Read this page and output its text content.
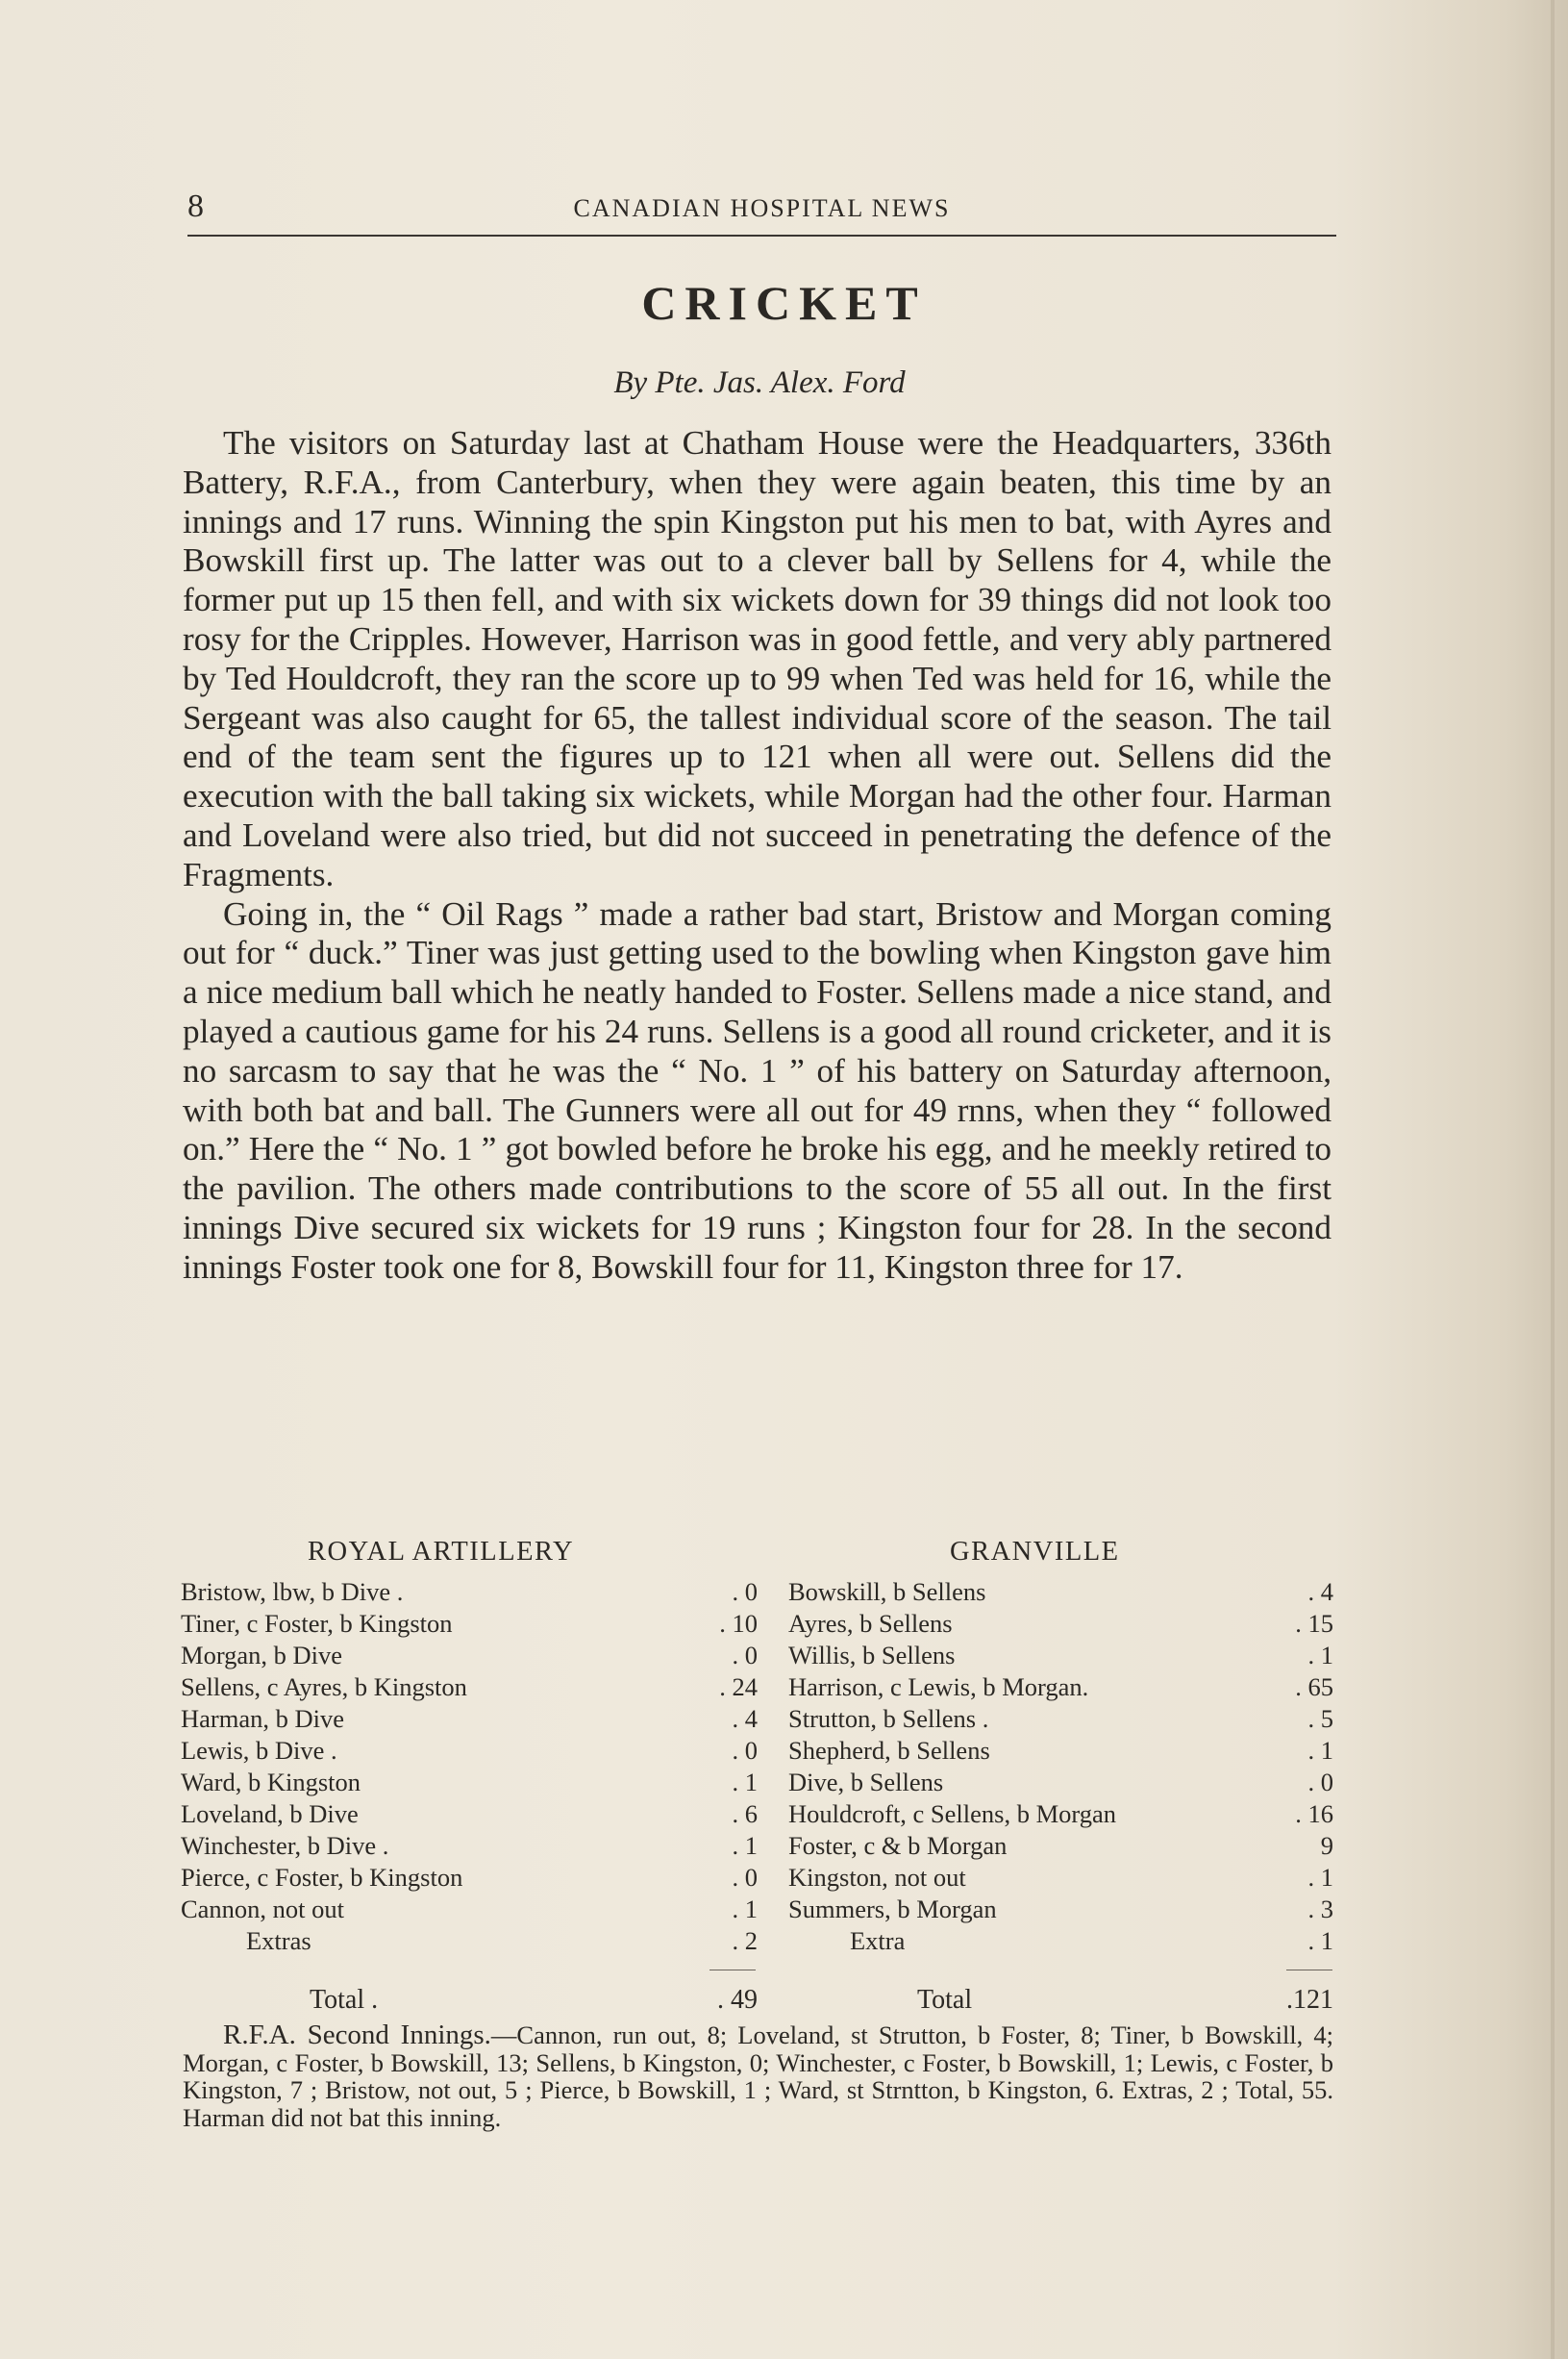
8	CANADIAN HOSPITAL NEWS
CRICKET
By Pte. Jas. Alex. Ford

The visitors on Saturday last at Chatham House were the Headquarters, 336th Battery, R.F.A., from Canterbury, when they were again beaten, this time by an innings and 17 runs. Winning the spin Kingston put his men to bat, with Ayres and Bowskill first up. The latter was out to a clever ball by Sellens for 4, while the former put up 15 then fell, and with six wickets down for 39 things did not look too rosy for the Cripples. However, Harrison was in good fettle, and very ably partnered by Ted Houldcroft, they ran the score up to 99 when Ted was held for 16, while the Sergeant was also caught for 65, the tallest individual score of the season. The tail end of the team sent the figures up to 121 when all were out. Sellens did the execution with the ball taking six wickets, while Morgan had the other four. Harman and Loveland were also tried, but did not succeed in penetrating the defence of the Fragments.

Going in, the “ Oil Rags ” made a rather bad start, Bristow and Morgan coming out for “ duck.” Tiner was just getting used to the bowling when Kingston gave him a nice medium ball which he neatly handed to Foster. Sellens made a nice stand, and played a cautious game for his 24 runs. Sellens is a good all round cricketer, and it is no sarcasm to say that he was the “ No. 1 ” of his battery on Saturday afternoon, with both bat and ball. The Gunners were all out for 49 rnns, when they “ followed on.” Here the “ No. 1 ” got bowled before he broke his egg, and he meekly retired to the pavilion. The others made contributions to the score of 55 all out. In the first innings Dive secured six wickets for 19 runs ; Kingston four for 28. In the second innings Foster took one for 8, Bowskill four for 11, Kingston three for 17.

ROYAL ARTILLERY	GRANVILLE
Bristow, lbw, b Dive .	. 0
Tiner, c Foster, b Kingston	. 10
Morgan, b Dive	. 0
Sellens, c Ayres, b Kingston	. 24
Harman, b Dive	. 4
Lewis, b Dive .	. 0
Ward, b Kingston	. 1
Loveland, b Dive	. 6
Winchester, b Dive .	. 1
Pierce, c Foster, b Kingston	. 0
Cannon, not out	. 1
Extras	. 2
Bowskill, b Sellens	. 4
Ayres, b Sellens	. 15
Willis, b Sellens	. 1
Harrison, c Lewis, b Morgan.	. 65
Strutton, b Sellens .	. 5
Shepherd, b Sellens	. 1
Dive, b Sellens	. 0
Houldcroft, c Sellens, b Morgan	. 16
Foster, c & b Morgan	9
Kingston, not out	. 1
Summers, b Morgan	. 3
Extra	. 1
Total .	. 49	Total	.121
R.F.A. Second Innings.—Cannon, run out, 8; Loveland, st Strutton, b Foster, 8; Tiner, b Bowskill, 4; Morgan, c Foster, b Bowskill, 13; Sellens, b Kingston, 0; Winchester, c Foster, b Bowskill, 1; Lewis, c Foster, b Kingston, 7 ; Bristow, not out, 5 ; Pierce, b Bowskill, 1 ; Ward, st Strntton, b Kingston, 6. Extras, 2 ; Total, 55. Harman did not bat this inning.
